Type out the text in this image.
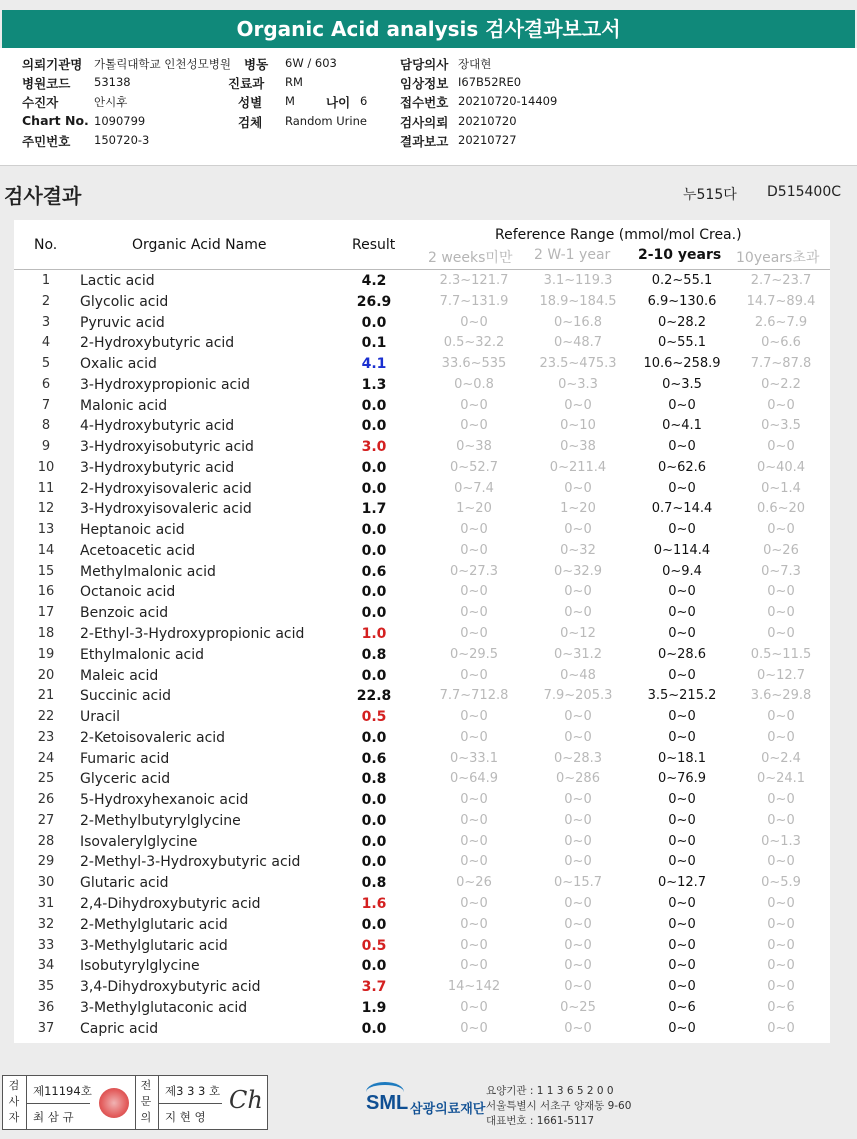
Organic Acid analysis 검사결과보고서
의뢰기관명 가톨릭대학교 인천성모병원
병원코드 53138
수진자	안시후
Chart No. 1090799
주민번호 150720-3
병동 6W / 603
진료과 RM
성별 M 나이 6
검체 Random Urine
담당의사 장대현
임상정보 I67B52RE0
접수번호 20210720-14409
검사의뢰 20210720
결과보고 20210727
검사결과	누515다 D515400C
No.	Organic Acid Name	Result
Reference Range (mmol/mol Crea.)
2 weeks미만 2 W-1 year 2-10 years 10years초과
1	Lactic acid	4.2	2.3~121.7	3.1~119.3	0.2~55.1	2.7~23.7
2	Glycolic acid	26.9	7.7~131.9	18.9~184.5	6.9~130.6	14.7~89.4
3	Pyruvic acid	0.0	0~0	0~16.8	0~28.2	2.6~7.9
4	2-Hydroxybutyric acid	0.1	0.5~32.2	0~48.7	0~55.1	0~6.6
5	Oxalic acid	4.1	33.6~535	23.5~475.3	10.6~258.9	7.7~87.8
6	3-Hydroxypropionic acid	1.3	0~0.8	0~3.3	0~3.5	0~2.2
7	Malonic acid	0.0	0~0	0~0	0~0	0~0
8	4-Hydroxybutyric acid	0.0	0~0	0~10	0~4.1	0~3.5
9	3-Hydroxyisobutyric acid	3.0	0~38	0~38	0~0	0~0
10	3-Hydroxybutyric acid	0.0	0~52.7	0~211.4	0~62.6	0~40.4
11	2-Hydroxyisovaleric acid	0.0	0~7.4	0~0	0~0	0~1.4
12	3-Hydroxyisovaleric acid	1.7	1~20	1~20	0.7~14.4	0.6~20
13	Heptanoic acid	0.0	0~0	0~0	0~0	0~0
14	Acetoacetic acid	0.0	0~0	0~32	0~114.4	0~26
15	Methylmalonic acid	0.6	0~27.3	0~32.9	0~9.4	0~7.3
16	Octanoic acid	0.0	0~0	0~0	0~0	0~0
17	Benzoic acid	0.0	0~0	0~0	0~0	0~0
18	2-Ethyl-3-Hydroxypropionic acid	1.0	0~0	0~12	0~0	0~0
19	Ethylmalonic acid	0.8	0~29.5	0~31.2	0~28.6	0.5~11.5
20	Maleic acid	0.0	0~0	0~48	0~0	0~12.7
21	Succinic acid	22.8	7.7~712.8	7.9~205.3	3.5~215.2	3.6~29.8
22	Uracil	0.5	0~0	0~0	0~0	0~0
23	2-Ketoisovaleric acid	0.0	0~0	0~0	0~0	0~0
24	Fumaric acid	0.6	0~33.1	0~28.3	0~18.1	0~2.4
25	Glyceric acid	0.8	0~64.9	0~286	0~76.9	0~24.1
26	5-Hydroxyhexanoic acid	0.0	0~0	0~0	0~0	0~0
27	2-Methylbutyrylglycine	0.0	0~0	0~0	0~0	0~0
28	Isovalerylglycine	0.0	0~0	0~0	0~0	0~1.3
29	2-Methyl-3-Hydroxybutyric acid	0.0	0~0	0~0	0~0	0~0
30	Glutaric acid	0.8	0~26	0~15.7	0~12.7	0~5.9
31	2,4-Dihydroxybutyric acid	1.6	0~0	0~0	0~0	0~0
32	2-Methylglutaric acid	0.0	0~0	0~0	0~0	0~0
33	3-Methylglutaric acid	0.5	0~0	0~0	0~0	0~0
34	Isobutyrylglycine	0.0	0~0	0~0	0~0	0~0
35	3,4-Dihydroxybutyric acid	3.7	14~142	0~0	0~0	0~0
36	3-Methylglutaconic acid	1.9	0~0	0~25	0~6	0~6
37	Capric acid	0.0	0~0	0~0	0~0	0~0
검
사
자
제11194호
최 삼 규
전
문
의
제3 3 3 호
지 현 영
Ch	SML 삼광의료재단
요양기관 : 1 1 3 6 5 2 0 0
서울특별시 서초구 양재동 9-60
대표번호 : 1661-5117
